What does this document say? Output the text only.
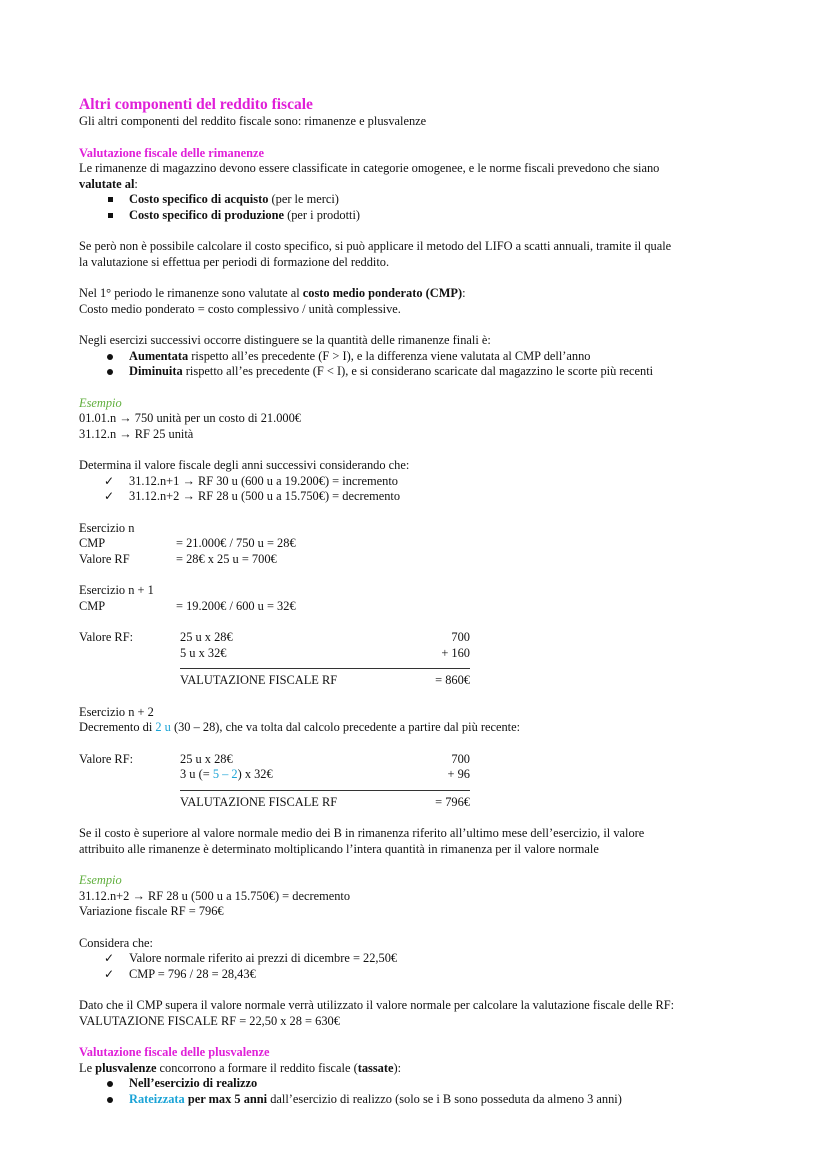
Altri componenti del reddito fiscale
Gli altri componenti del reddito fiscale sono: rimanenze e plusvalenze
Valutazione fiscale delle rimanenze
Le rimanenze di magazzino devono essere classificate in categorie omogenee, e le norme fiscali prevedono che siano
valutate al:
Costo specifico di acquisto (per le merci)
Costo specifico di produzione (per i prodotti)
Se però non è possibile calcolare il costo specifico, si può applicare il metodo del LIFO a scatti annuali, tramite il quale
la valutazione si effettua per periodi di formazione del reddito.
Nel 1° periodo le rimanenze sono valutate al costo medio ponderato (CMP):
Costo medio ponderato = costo complessivo / unità complessive.
Negli esercizi successivi occorre distinguere se la quantità delle rimanenze finali è:
Aumentata rispetto all’es precedente (F > I), e la differenza viene valutata al CMP dell’anno
Diminuita rispetto all’es precedente (F < I), e si considerano scaricate dal magazzino le scorte più recenti
Esempio
01.01.n → 750 unità per un costo di 21.000€
31.12.n → RF 25 unità
Determina il valore fiscale degli anni successivi considerando che:
✓ 31.12.n+1 → RF 30 u (600 u a 19.200€) = incremento
✓ 31.12.n+2 → RF 28 u (500 u a 15.750€) = decremento
Esercizio n
CMP	= 21.000€ / 750 u = 28€
Valore RF	= 28€ x 25 u = 700€
Esercizio n + 1
CMP	= 19.200€ / 600 u = 32€
Valore RF:	25 u x 28€	700
5 u x 32€	+ 160
VALUTAZIONE FISCALE RF	= 860€
Esercizio n + 2
Decremento di 2 u (30 – 28), che va tolta dal calcolo precedente a partire dal più recente:
Valore RF:	25 u x 28€	700
3 u (= 5 – 2) x 32€	+ 96
VALUTAZIONE FISCALE RF	= 796€
Se il costo è superiore al valore normale medio dei B in rimanenza riferito all’ultimo mese dell’esercizio, il valore
attribuito alle rimanenze è determinato moltiplicando l’intera quantità in rimanenza per il valore normale
Esempio
31.12.n+2 → RF 28 u (500 u a 15.750€) = decremento
Variazione fiscale RF = 796€
Considera che:
✓ Valore normale riferito ai prezzi di dicembre = 22,50€
✓ CMP = 796 / 28 = 28,43€
Dato che il CMP supera il valore normale verrà utilizzato il valore normale per calcolare la valutazione fiscale delle RF:
VALUTAZIONE FISCALE RF = 22,50 x 28 = 630€
Valutazione fiscale delle plusvalenze
Le plusvalenze concorrono a formare il reddito fiscale (tassate):
Nell’esercizio di realizzo
Rateizzata per max 5 anni dall’esercizio di realizzo (solo se i B sono posseduta da almeno 3 anni)
